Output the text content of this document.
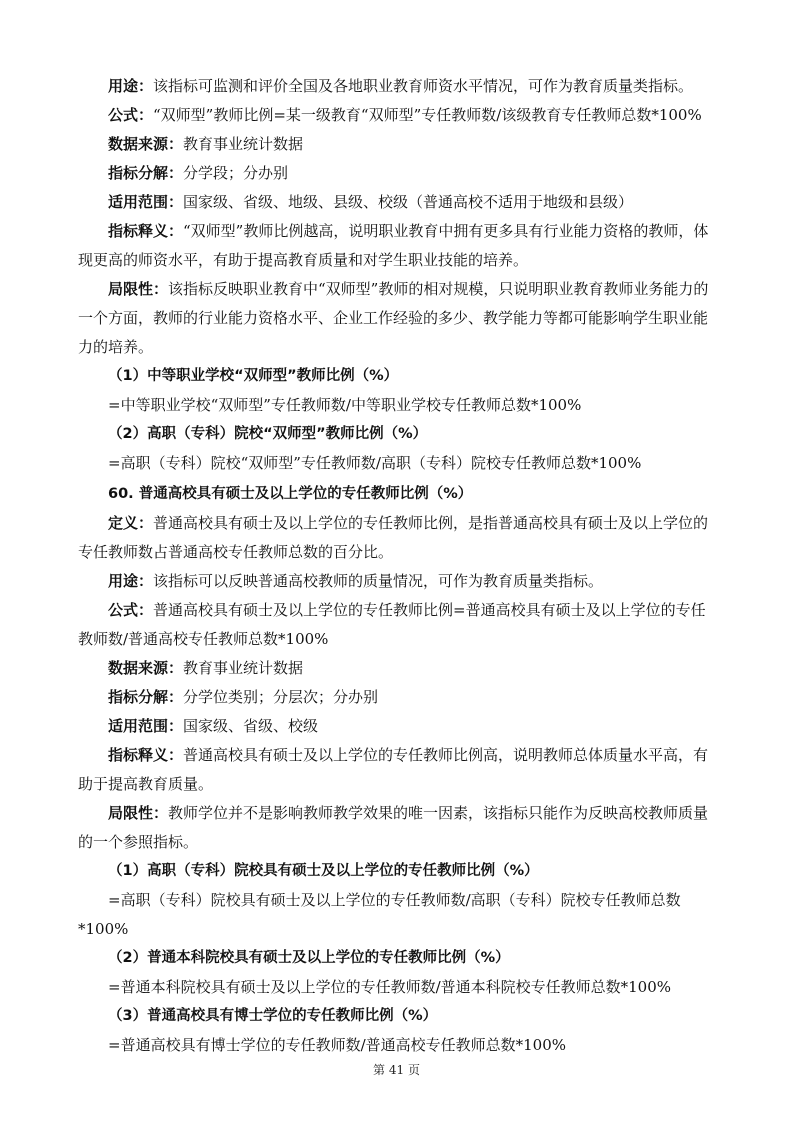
用途：该指标可监测和评价全国及各地职业教育师资水平情况，可作为教育质量类指标。

公式：“双师型”教师比例=某一级教育“双师型”专任教师数/该级教育专任教师总数*100%

数据来源：教育事业统计数据

指标分解：分学段；分办别

适用范围：国家级、省级、地级、县级、校级（普通高校不适用于地级和县级）

指标释义：“双师型”教师比例越高，说明职业教育中拥有更多具有行业能力资格的教师，体现更高的师资水平，有助于提高教育质量和对学生职业技能的培养。

局限性：该指标反映职业教育中“双师型”教师的相对规模，只说明职业教育教师业务能力的一个方面，教师的行业能力资格水平、企业工作经验的多少、教学能力等都可能影响学生职业能力的培养。

（1）中等职业学校“双师型”教师比例（%）

=中等职业学校“双师型”专任教师数/中等职业学校专任教师总数*100%

（2）高职（专科）院校“双师型”教师比例（%）

=高职（专科）院校“双师型”专任教师数/高职（专科）院校专任教师总数*100%

60. 普通高校具有硕士及以上学位的专任教师比例（%）

定义：普通高校具有硕士及以上学位的专任教师比例，是指普通高校具有硕士及以上学位的专任教师数占普通高校专任教师总数的百分比。

用途：该指标可以反映普通高校教师的质量情况，可作为教育质量类指标。

公式：普通高校具有硕士及以上学位的专任教师比例=普通高校具有硕士及以上学位的专任教师数/普通高校专任教师总数*100%

数据来源：教育事业统计数据

指标分解：分学位类别；分层次；分办别

适用范围：国家级、省级、校级

指标释义：普通高校具有硕士及以上学位的专任教师比例高，说明教师总体质量水平高，有助于提高教育质量。

局限性：教师学位并不是影响教师教学效果的唯一因素，该指标只能作为反映高校教师质量的一个参照指标。

（1）高职（专科）院校具有硕士及以上学位的专任教师比例（%）

=高职（专科）院校具有硕士及以上学位的专任教师数/高职（专科）院校专任教师总数*100%

（2）普通本科院校具有硕士及以上学位的专任教师比例（%）

=普通本科院校具有硕士及以上学位的专任教师数/普通本科院校专任教师总数*100%

（3）普通高校具有博士学位的专任教师比例（%）

=普通高校具有博士学位的专任教师数/普通高校专任教师总数*100%

第 41 页
